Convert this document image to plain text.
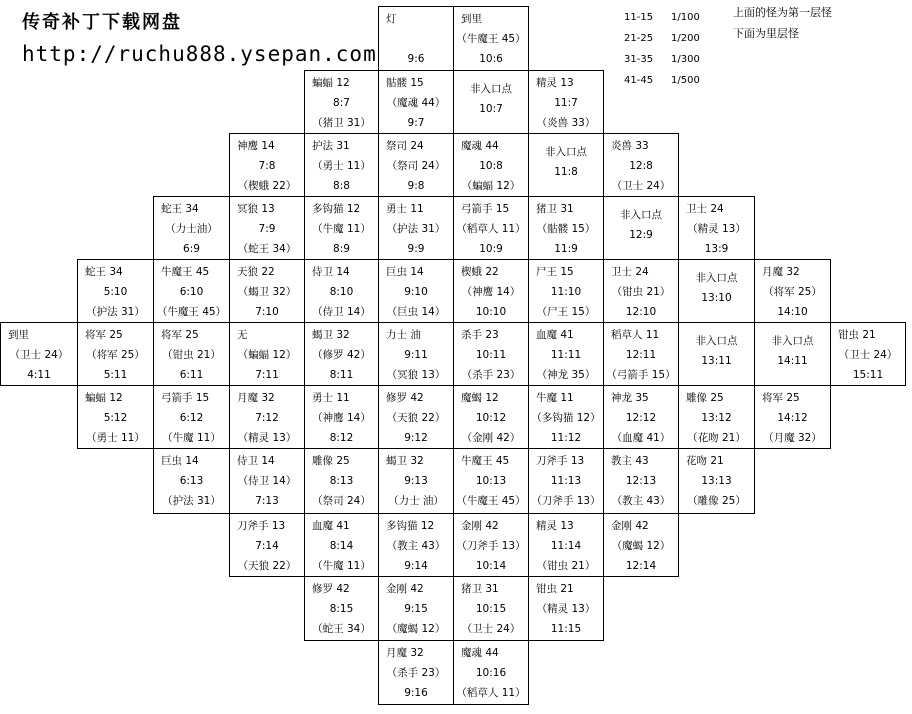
传奇补丁下载网盘
http://ruchu888.ysepan.com
11-15 1/100
21-25 1/200
31-35 1/300
41-45 1/500
上面的怪为第一层怪
下面为里层怪
灯
9:6
到里
（牛魔王 45）
10:6
蝙蝠 12
8:7
（猪卫 31）
骷髅 15
（魔魂 44）
9:7
非入口点
10:7
精灵 13
11:7
（炎兽 33）
神鹰 14
7:8
（楔蛾 22）
护法 31
（勇士 11）
8:8
祭司 24
（祭司 24）
9:8
魔魂 44
10:8
（蝙蝠 12）
非入口点
11:8
炎兽 33
12:8
（卫士 24）
蛇王 34
（力士油）
6:9
冥狼 13
7:9
（蛇王 34）
多钩猫 12
（牛魔 11）
8:9
勇士 11
（护法 31）
9:9
弓箭手 15
（稻草人 11）
10:9
猪卫 31
（骷髅 15）
11:9
非入口点
12:9
卫士 24
（精灵 13）
13:9
蛇王 34
5:10
（护法 31）
牛魔王 45
6:10
（牛魔王 45）
天狼 22
（蝎卫 32）
7:10
侍卫 14
8:10
（侍卫 14）
巨虫 14
9:10
（巨虫 14）
楔蛾 22
（神鹰 14）
10:10
尸王 15
11:10
（尸王 15）
卫士 24
（钳虫 21）
12:10
非入口点
13:10
月魔 32
（将军 25）
14:10
到里
（卫士 24）
4:11
将军 25
（将军 25）
5:11
将军 25
（钳虫 21）
6:11
无
（蝙蝠 12）
7:11
蝎卫 32
（修罗 42）
8:11
力士 油
9:11
（冥狼 13）
杀手 23
10:11
（杀手 23）
血魔 41
11:11
（神龙 35）
稻草人 11
12:11
（弓箭手 15）
非入口点
13:11
非入口点
14:11
钳虫 21
（卫士 24）
15:11
蝙蝠 12
5:12
（勇士 11）
弓箭手 15
6:12
（牛魔 11）
月魔 32
7:12
（精灵 13）
勇士 11
（神鹰 14）
8:12
修罗 42
（天狼 22）
9:12
魔蝎 12
10:12
（金刚 42）
牛魔 11
（多钩猫 12）
11:12
神龙 35
12:12
（血魔 41）
雕像 25
13:12
（花吻 21）
将军 25
14:12
（月魔 32）
巨虫 14
6:13
（护法 31）
侍卫 14
（侍卫 14）
7:13
雕像 25
8:13
（祭司 24）
蝎卫 32
9:13
（力士 油）
牛魔王 45
10:13
（牛魔王 45）
刀斧手 13
11:13
（刀斧手 13）
教主 43
12:13
（教主 43）
花吻 21
13:13
（雕像 25）
刀斧手 13
7:14
（天狼 22）
血魔 41
8:14
（牛魔 11）
多钩猫 12
（教主 43）
9:14
金刚 42
（刀斧手 13）
10:14
精灵 13
11:14
（钳虫 21）
金刚 42
（魔蝎 12）
12:14
修罗 42
8:15
（蛇王 34）
金刚 42
9:15
（魔蝎 12）
猪卫 31
10:15
（卫士 24）
钳虫 21
（精灵 13）
11:15
月魔 32
（杀手 23）
9:16
魔魂 44
10:16
（稻草人 11）
